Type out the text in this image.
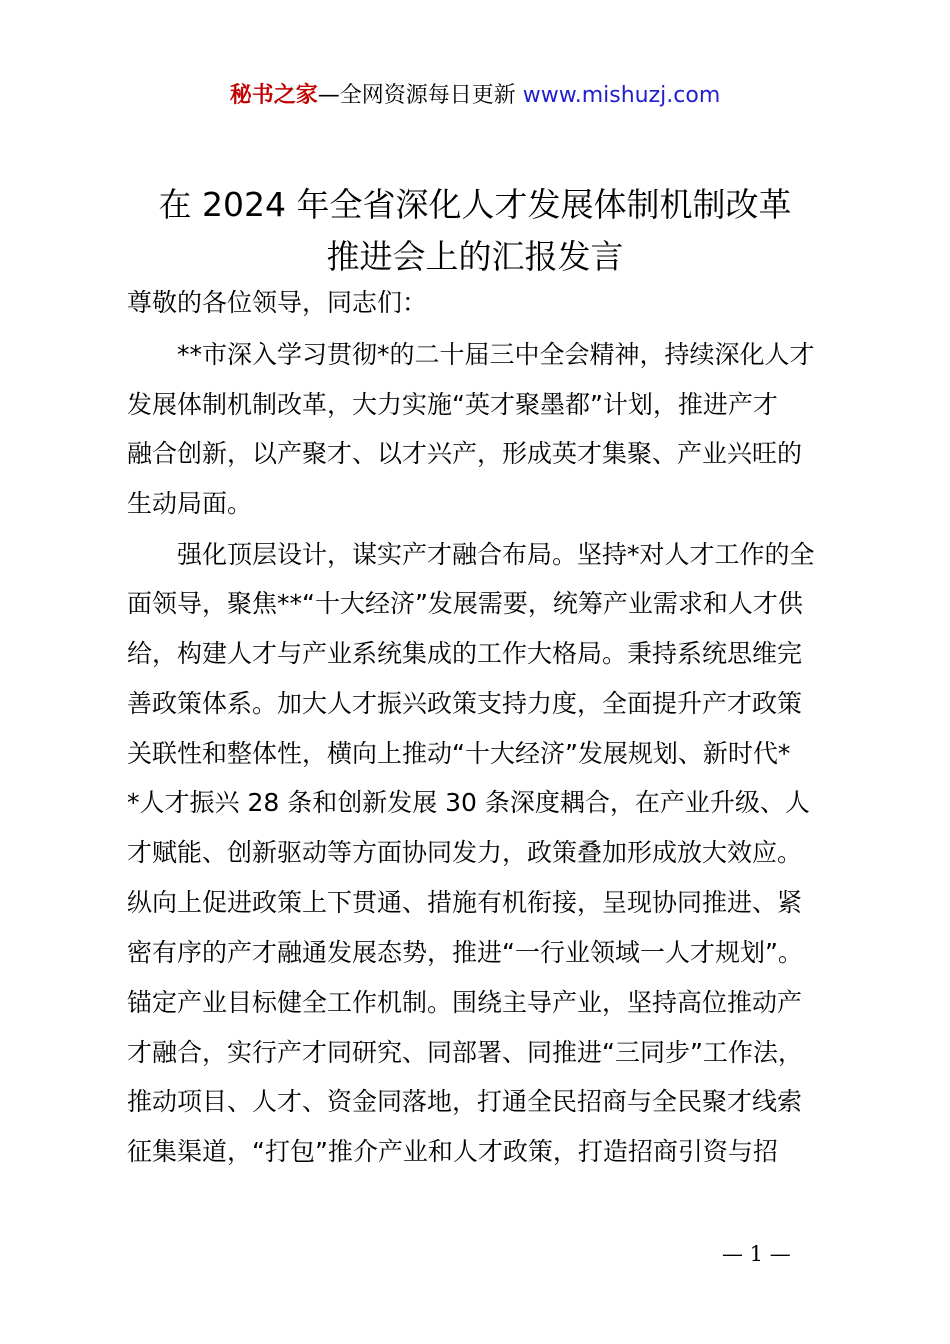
秘书之家—全网资源每日更新 www.mishuzj.com
在 2024 年全省深化人才发展体制机制改革
推进会上的汇报发言
尊敬的各位领导，同志们：
　　**市深入学习贯彻*的二十届三中全会精神，持续深化人才
发展体制机制改革，大力实施“英才聚墨都”计划，推进产才
融合创新，以产聚才、以才兴产，形成英才集聚、产业兴旺的
生动局面。
　　强化顶层设计，谋实产才融合布局。坚持*对人才工作的全
面领导，聚焦**“十大经济”发展需要，统筹产业需求和人才供
给，构建人才与产业系统集成的工作大格局。秉持系统思维完
善政策体系。加大人才振兴政策支持力度，全面提升产才政策
关联性和整体性，横向上推动“十大经济”发展规划、新时代*
*人才振兴 28 条和创新发展 30 条深度耦合，在产业升级、人
才赋能、创新驱动等方面协同发力，政策叠加形成放大效应。
纵向上促进政策上下贯通、措施有机衔接，呈现协同推进、紧
密有序的产才融通发展态势，推进“一行业领域一人才规划”。
锚定产业目标健全工作机制。围绕主导产业，坚持高位推动产
才融合，实行产才同研究、同部署、同推进“三同步”工作法，
推动项目、人才、资金同落地，打通全民招商与全民聚才线索
征集渠道，“打包”推介产业和人才政策，打造招商引资与招
— 1 —
